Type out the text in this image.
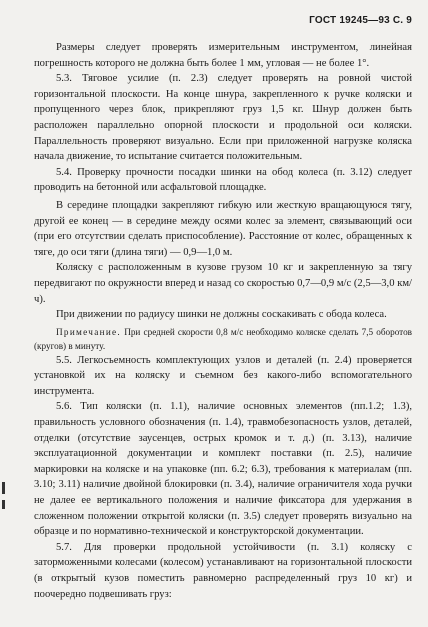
ГОСТ 19245—93 С. 9

Размеры следует проверять измерительным инструментом, линейная погрешность которого не должна быть более 1 мм, угловая — не более 1°.

5.3. Тяговое усилие (п. 2.3) следует проверять на ровной чистой горизонтальной плоскости. На конце шнура, закрепленного к ручке коляски и пропущенного через блок, прикрепляют груз 1,5 кг. Шнур должен быть расположен параллельно опорной плоскости и продольной оси коляски. Параллельность проверяют визуально. Если при приложенной нагрузке коляска начала движение, то испытание считается положительным.

5.4. Проверку прочности посадки шинки на обод колеса (п. 3.12) следует проводить на бетонной или асфальтовой площадке.

В середине площадки закрепляют гибкую или жесткую вращающуюся тягу, другой ее конец — в середине между осями колес за элемент, связывающий оси (при его отсутствии сделать приспособление). Расстояние от колес, обращенных к тяге, до оси тяги (длина тяги) — 0,9—1,0 м.

Коляску с расположенным в кузове грузом 10 кг и закрепленную за тягу передвигают по окружности вперед и назад со скоростью 0,7—0,9 м/с (2,5—3,0 км/ч).

При движении по радиусу шинки не должны соскакивать с обода колеса.

Примечание. При средней скорости 0,8 м/с необходимо коляске сделать 7,5 оборотов (кругов) в минуту.

5.5. Легкосъемность комплектующих узлов и деталей (п. 2.4) проверяется установкой их на коляску и съемном без какого-либо вспомогательного инструмента.

5.6. Тип коляски (п. 1.1), наличие основных элементов (пп.1.2; 1.3), правильность условного обозначения (п. 1.4), травмобезопасность узлов, деталей, отделки (отсутствие заусенцев, острых кромок и т. д.) (п. 3.13), наличие эксплуатационной документации и комплект поставки (п. 2.5), наличие маркировки на коляске и на упаковке (пп. 6.2; 6.3), требования к материалам (пп. 3.10; 3.11) наличие двойной блокировки (п. 3.4), наличие ограничителя хода ручки не далее ее вертикального положения и наличие фиксатора для удержания в сложенном положении открытой коляски (п. 3.5) следует проверять визуально на образце и по нормативно-технической и конструкторской документации.

5.7. Для проверки продольной устойчивости (п. 3.1) коляску с заторможенными колесами (колесом) устанавливают на горизонтальной плоскости (в открытый кузов поместить равномерно распределенный груз 10 кг) и поочередно подвешивать груз:
